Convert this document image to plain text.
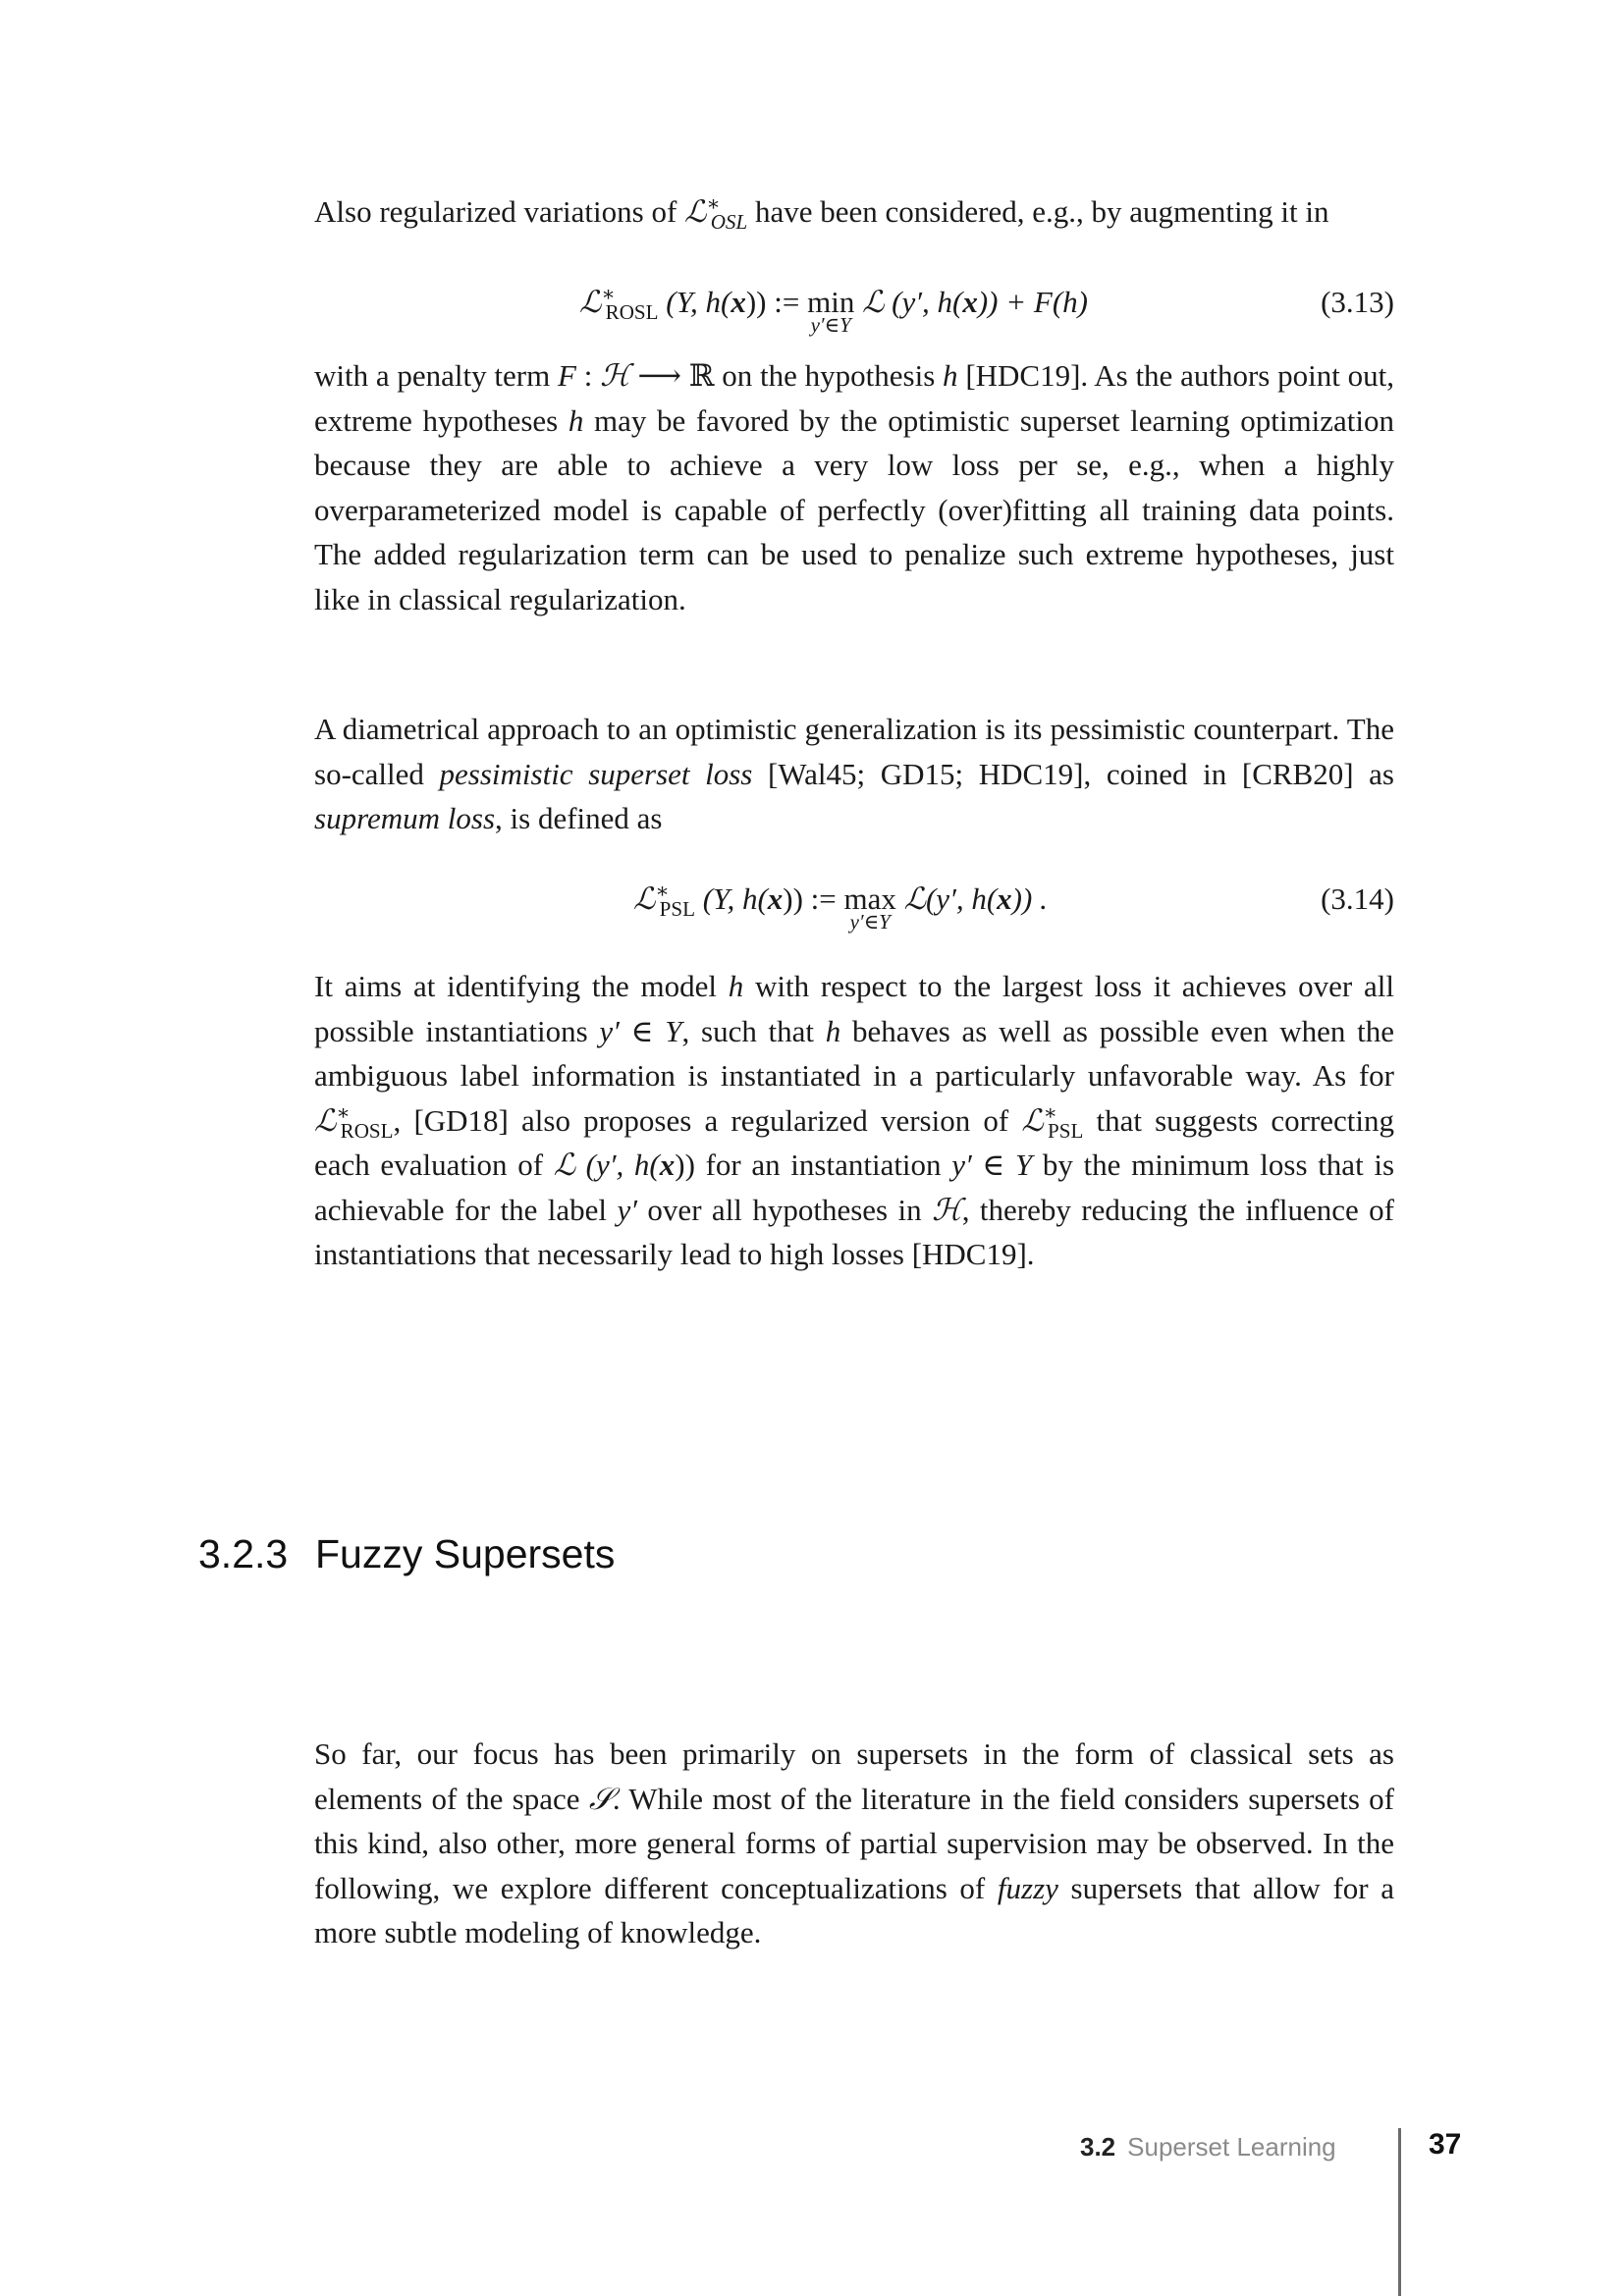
Also regularized variations of ℒ∗$_{OSL}$ have been considered, e.g., by augmenting it in

ℒ∗$_{ROSL}$ (Y, h(x)) := min
y′∈Y
ℒ (y′, h(x)) + F(h)	(3.13)

with a penalty term F : ℋ ⟶ ℝ on the hypothesis h [HDC19]. As the authors point out, extreme hypotheses h may be favored by the optimistic superset learning optimization because they are able to achieve a very low loss per se, e.g., when a highly overparameterized model is capable of perfectly (over)fitting all training data points. The added regularization term can be used to penalize such extreme hypotheses, just like in classical regularization.

A diametrical approach to an optimistic generalization is its pessimistic counterpart. The so-called pessimistic superset loss [Wal45; GD15; HDC19], coined in [CRB20] as supremum loss, is defined as

ℒ∗$_{PSL}$ (Y, h(x)) := max
y′∈Y
ℒ(y′, h(x)) .	(3.14)

It aims at identifying the model h with respect to the largest loss it achieves over all possible instantiations y′ ∈ Y, such that h behaves as well as possible even when the ambiguous label information is instantiated in a particularly unfavorable way. As for ℒ∗$_{ROSL}$, [GD18] also proposes a regularized version of ℒ∗$_{PSL}$ that suggests correcting each evaluation of ℒ (y′, h(x)) for an instantiation y′ ∈ Y by the minimum loss that is achievable for the label y′ over all hypotheses in ℋ, thereby reducing the influence of instantiations that necessarily lead to high losses [HDC19].

3.2.3 Fuzzy Supersets

So far, our focus has been primarily on supersets in the form of classical sets as elements of the space 𝒮. While most of the literature in the field considers supersets of this kind, also other, more general forms of partial supervision may be observed. In the following, we explore different conceptualizations of fuzzy supersets that allow for a more subtle modeling of knowledge.

3.2 Superset Learning	37
